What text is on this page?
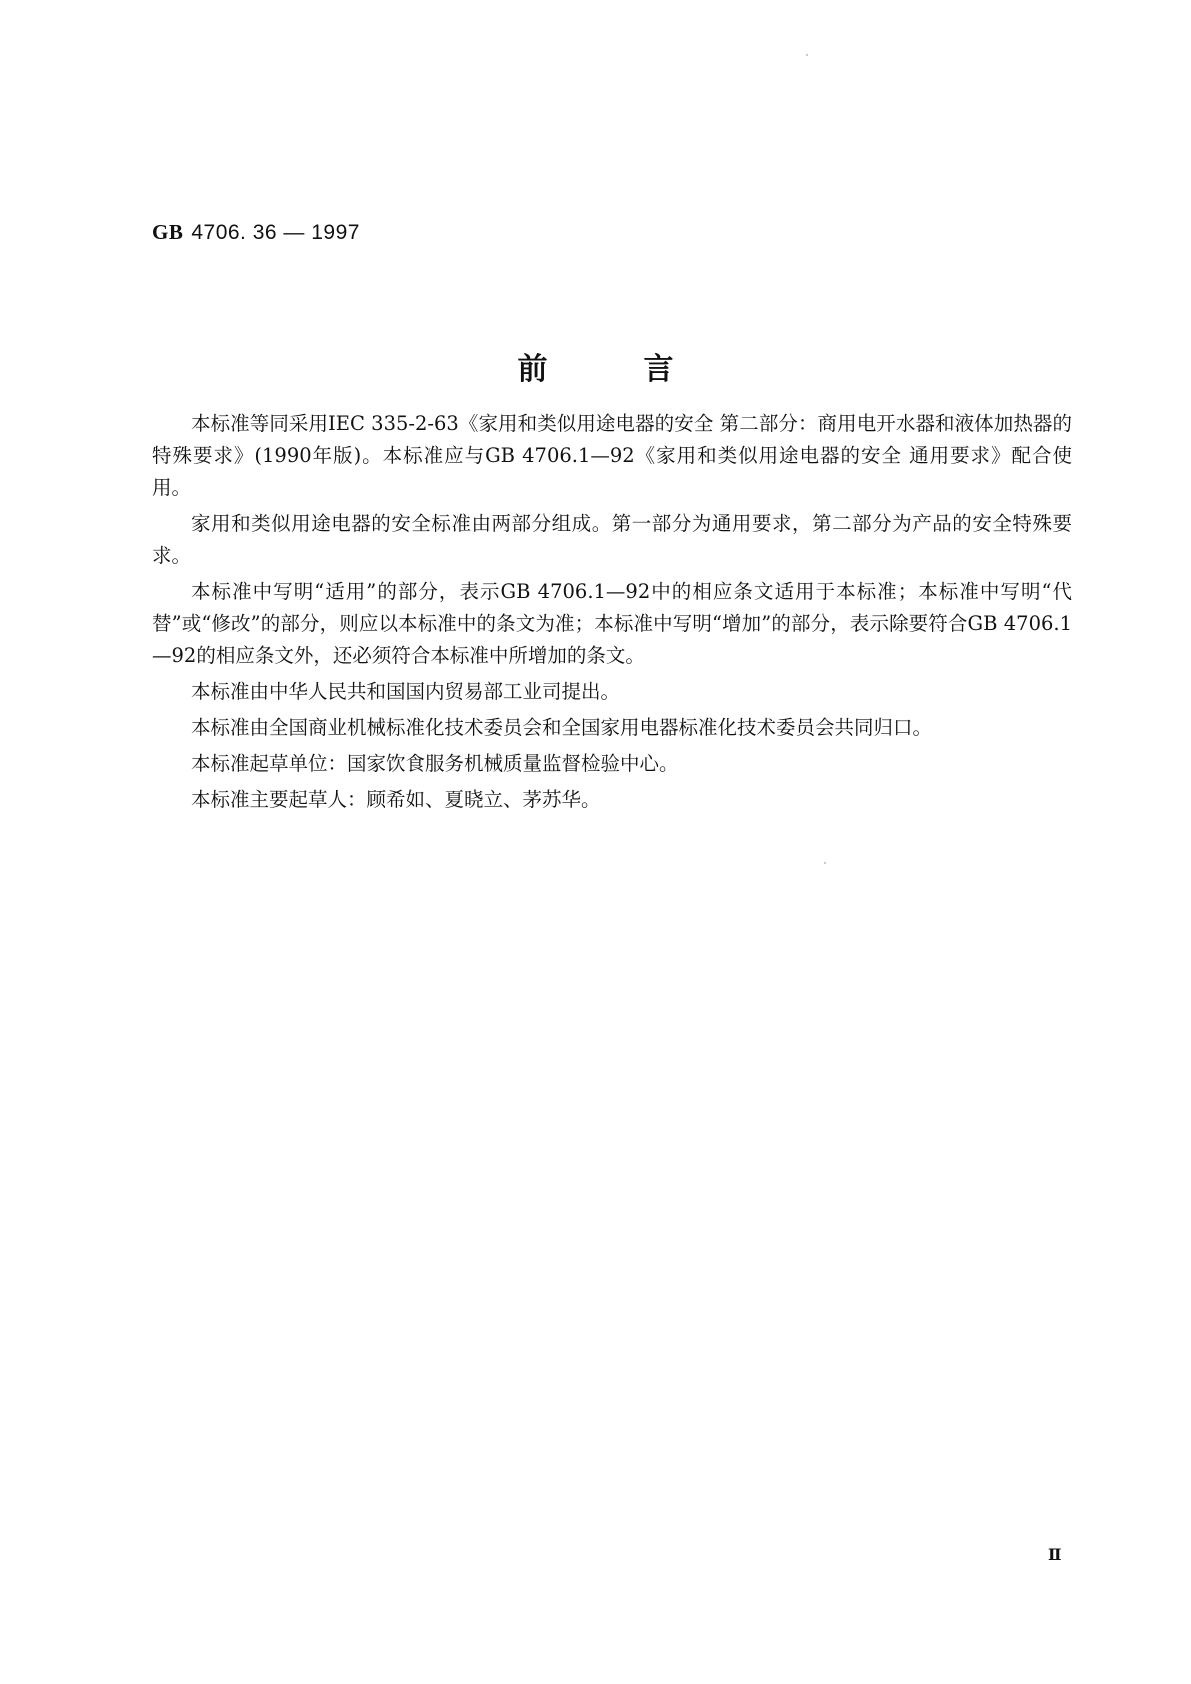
GB 4706. 36 — 1997
前言

本标准等同采用IEC 335-2-63《家用和类似用途电器的安全 第二部分：商用电开水器和液体加热器的特殊要求》(1990年版)。本标准应与GB 4706.1—92《家用和类似用途电器的安全 通用要求》配合使用。

家用和类似用途电器的安全标准由两部分组成。第一部分为通用要求，第二部分为产品的安全特殊要求。

本标准中写明“适用”的部分，表示GB 4706.1—92中的相应条文适用于本标准；本标准中写明“代替”或“修改”的部分，则应以本标准中的条文为准；本标准中写明“增加”的部分，表示除要符合GB 4706.1—92的相应条文外，还必须符合本标准中所增加的条文。

本标准由中华人民共和国国内贸易部工业司提出。

本标准由全国商业机械标准化技术委员会和全国家用电器标准化技术委员会共同归口。

本标准起草单位：国家饮食服务机械质量监督检验中心。

本标准主要起草人：顾希如、夏晓立、茅苏华。

Ⅱ
